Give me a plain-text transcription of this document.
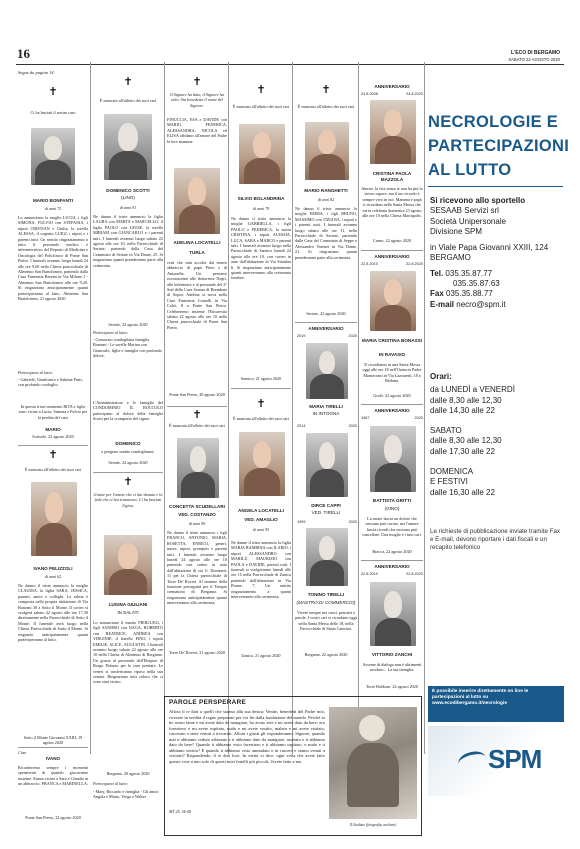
16	L'ECO DI BERGAMO
SABATO 22 AGOSTO 2020
Segue da pagina 14
✝
Ci ha lasciati il nostro caro
MARIO BONFANTI
di anni 72
Lo annunciano la moglie LUCIA, i figli SIMONA, FULVIO con STEFANIA, i nipoti CRISTIAN e Giulia, la sorella ALESSA, il cognato LUIGI, i nipoti e i parenti tutti. Un sentito ringraziamento a tutto il personale medico e infermieristico del Reparto di Medicina e Oncologia del Policlinico di Ponte San Pietro. I funerali avranno luogo lunedì 24 alle ore 9,00 nella Chiesa parrocchiale di Almenno San Bartolomeo, partendo dalla Casa Funeraria Beretta in Via Milano 1 - Almenno San Bartolomeo alle ore 9,20. Si ringraziano anticipatamente quanti parteciperanno al lutto. Almenno San Bartolomeo, 21 agosto 2020
Partecipano al lutto:
- Gabriele, Gianfranco e Sabrina Paris, con profondo cordoglio.
In questo triste momento RITA e figlie sono vicine a Lucia, Simona e Fulvio per la perdita del caro
MARIO
Sorisole, 22 agosto 2020
✝
È mancato all'affetto dei suoi cari
IVANO PELIZZOLI
di anni 62
Ne danno il triste annuncio la moglie CLAUDIA, la figlia SARA, JESSICA, parenti, amici e colleghi. La salma è composta nella propria abitazione di Via Bonomi 30 a Sotto il Monte. Il corteo si svolgerà sabato 22 agosto alle ore 17,30 direttamente nella Parrocchiale di Sotto il Monte. Il funerale avrà luogo nella Chiesa Parrocchiale di Sotto il Monte. Si ringrazia anticipatamente quanti parteciperanno al lutto.
Sotto il Monte Giovanni XXIII, 19 agosto 2020
Ciao
IVANO
Ricorderemo sempre i momenti spensierati di quando giocavamo insieme. Siamo vicine a Sara e Claudia in un abbraccio. FRANCA e MARINELLA.
Ponte San Pietro, 22 agosto 2020
✝
È mancato all'affetto dei suoi cari
DOMENICO SCOTTI
(LINO)
di anni 91
Ne danno il triste annuncio la figlia LAURA con MARTA e MARCELLO, il figlio PAOLO con GIUSE, la sorella MIRIAM con GIANCARLO e i parenti tutti. I funerali avranno luogo sabato 22 agosto alle ore 10, nella Parrocchiale di Seriate, partendo dalla Casa del Commiato di Seriate in Via Dante, 25. Si ringraziano quanti prenderanno parte alla cerimonia.
Seriate, 22 agosto 2020
Partecipano al lutto:
- Consorzio condogliana famiglia Bonomi - Le sorelle Marian con Giancarlo, figlie e famiglie con profondo dolore.
L'Amministratore e le famiglie del CONDOMINIO IL BOCCOLO partecipano al dolore della famiglia Scotti per la scomparsa del signor
DOMENICO
e porgono sentite condoglianze.
Seriate, 22 agosto 2020
✝
Grazie per l'amore che ci hai donato e la fede che ci hai trasmesso. Ci ha lasciati Ugina,
LUGINA GIULIANI
IN SALATI
Lo annunciano il marito PIERLUIGI, i figli SANDRO con NAGA, ROBERTO con BEATRICE, ANDREA con VIRGINIE, il fratello FINO, i nipoti EMILIE, ALICE, AUGUSTIN. I funerali avranno luogo sabato 22 agosto alle ore 10 nella Chiesa di Almenno di Bergamo. Un grazie al personale dell'Hospice di Borgo Palazzo per le cure prestate. Le ceneri si trasferiranno riposo nella sua venuta. Ringraziano tutti coloro che ci sono stati vicino.
Bergamo, 20 agosto 2020
Partecipano al lutto:
- Mary, Riccardo e famiglia - Gli amici Angela e Mario, Viega e Walter
✝
Il Signore ha dato, il Signore ha tolto. Sia benedetto il nome del Signore.
FINUCCIA, ESA e DAVIDE con MARIO, FEDERICA, ALESSANDRA, NICOLA ed ELISA affidano all'amore del Padre la loro mamma.
ADELINA LOCATELLI
TURLA
certi che sarà accolta dal tenero abbraccio di papà Piero e di Antonella. Un pensiero riconoscente alle dottoresse Negri, alle infermiere e al personale del 2° Sud della Casa Serena di Brembate di Sopra. Adelina si trova nella Casa Funeraria Comolli in Via Calvi, 8 a Ponte San Pietro. Celebreremo insieme l'Eucarestia sabato 22 agosto alle ore 10 nella Chiesa parrocchiale di Ponte San Pietro.
Ponte San Pietro, 20 agosto 2020
✝
È mancata all'affetto dei suoi cari
CONCETTA SCUDELLARI
VED. COSTANZO
di anni 90
Ne danno il triste annuncio i figli FRANCO, ANTONIO, MARIA, ROSETTA, ENRICO, generi, nuore, nipoti, pronipoti e parenti tutti. I funerali avranno luogo lunedì 24 agosto alle ore 10 partendo con corteo in auto dall'abitazione di via G. Donizetti, 11 per la Chiesa parrocchiale di Torre De' Roveri. Al termine della funzione proseguirà per il Tempio crematorio di Bergamo. Si ringraziano anticipatamente quanti interverranno alla cerimonia.
Torre De' Roveri, 21 agosto 2020
✝
È mancato all'affetto dei suoi cari
SILVIO BOLANDRINA
di anni 79
Ne danno il triste annuncio la moglie GABRIELLA, i figli PAOLO e FEDERICA, la nuora CRISTINA, i nipoti ALESSIA, LUCA, SARA e MARCO e parenti tutti. I funerali avranno luogo nella Parrocchiale di Sarnico lunedì 24 agosto alle ore 10, con corteo in auto dall'abitazione in Via Stanilao 6. Si ringraziano anticipatamente quanti interverranno alla cerimonia funebre.
Sarnico, 21 agosto 2020
✝
È mancata all'affetto dei suoi cari
ANGELA LOCATELLI
VED. AMAGLIO
di anni 95
Ne danno il triste annuncio la figlia MARIA BAMBINA con ILARIO, i nipoti ALESSANDRO con MARILÙ, MAURIZIO con PAOLA e DAVIDE, parenti tutti. I funerali si svolgeranno lunedì alle ore 15 nella Parrocchiale di Zanica partendo dall'abitazione in Via Piume, 7. Un sentito ringraziamento a quanti interverranno alla cerimonia.
Zanica, 21 agosto 2020
✝
È mancato all'affetto dei suoi cari
MARIO RANGHETTI
di anni 82
Ne danno il triste annuncio la moglie EMMA, i figli BRUNO, MASSIMO con TIZIANA, i nipoti e i parenti tutti. I funerali avranno luogo sabato alle ore 11, nella Parrocchiale di Seriate, partendo dalla Casa del Commiato di Seppe e Alessandro Varenzi in Via Dante, 21. Si ringraziano quanti prenderanno parte alla cerimonia.
Seriate, 22 agosto 2020
ANNIVERSARIO
2019	2020
MARIA TIRELLI
IN INTOGNA
2014	2020
DIRCE CAPPI
VED. TIRELLI
1999	2020
TONINO TIRELLI
(MASTRO DI COMMERCIO)
Vivete sempre nei cuori, pensieri e parole. I vostri cari vi ricordano oggi nella Santa Messa delle 18, nella Parrocchiale di Santa Caterina.
Bergamo, 22 agosto 2020
ANNIVERSARIO
24.8.2008	24.8.2020
CRISTINA PAOLA MAZZOLA
Amore, la vita senza te non ha più lo stesso sapore, ma il tuo ricordo è sempre vivo in noi. Mamma e papà ti ricordano nella Santa Messa che verrà celebrata domenica 23 agosto alle ore 10 nella Chiesa Mariapolis.
Curno, 22 agosto 2020
ANNIVERSARIO
22.8.2010	22.8.2020
MARIA CRISTINA BONASSI
IN RAVASIO
Ti ricordiamo in una Santa Messa oggi alle ore 18 nell'Oratorio Padre Montecrani in Via Lazzaretti, 18 a Redona.
Gorle, 22 agosto 2020
ANNIVERSARIO
1987	2020
BATTISTA GRITTI
(GINO)
La morte lascia un dolore che nessuno può curare, ma l'amore lascia ricordi che nessuno può cancellare. Una moglie e i tuoi cari.
Bracca, 22 agosto 2020
ANNIVERSARIO
22.8.2010	22.8.2020
VITTORIO ZANCHI
Assente di dialogo non è altrimenti assoluto... La tua famiglia.
Torre Boldone, 22 agosto 2020
NECROLOGIE E
PARTECIPAZIONI
AL LUTTO
Si ricevono allo sportello
SESAAB Servizi srl
Società Unipersonale
Divisione SPM
in Viale Papa Giovanni XXIII, 124 BERGAMO
Tel. 035.35.87.77
035.35.87.63
Fax 035.35.88.77
E-mail necro@spm.it
Orari:
da LUNEDÌ a VENERDÌ
dalle 8,30 alle 12,30
dalle 14,30 alle 22
SABATO
dalle 8,30 alle 12,30
dalle 17,30 alle 22
DOMENICA
E FESTIVI
dalle 16,30 alle 22
Le richieste di pubblicazione inviate tramite Fax e E-mail, devono riportare i dati fiscali e un recapito telefonico
È possibile inserire direttamente on line le partecipazioni al lutto su www.ecodibergamo.it/necrologie
SPM
PAROLE PERSPERARE
Allora il re dirà a quelli che stanno alla sua destra: Venite, benedetti del Padre mio, ricevete in eredità il regno preparato per voi fin dalla fondazione del mondo. Perché io ho avuto fame e mi avete dato da mangiare, ho avuto sete e mi avete dato da bere; ero forestiero e mi avete ospitato, nudo e mi avete vestito, malato e mi avete visitato, carcerato e siete venuti a trovarmi. Allora i giusti gli risponderanno: Signore, quando mai ti abbiamo veduto affamato e ti abbiamo dato da mangiare, assetato e ti abbiamo dato da bere? Quando ti abbiamo visto forestiero e ti abbiamo ospitato, o nudo e ti abbiamo vestito? E quando ti abbiamo visto ammalato o in carcere e siamo venuti a visitarti? Rispondendo, il re dirà loro: In verità vi dico: ogni volta che avete fatto queste cose a uno solo di questi miei fratelli più piccoli, l'avete fatto a me.
MT 25, 34-40
Il Giudizio (fotografia, archivio)
